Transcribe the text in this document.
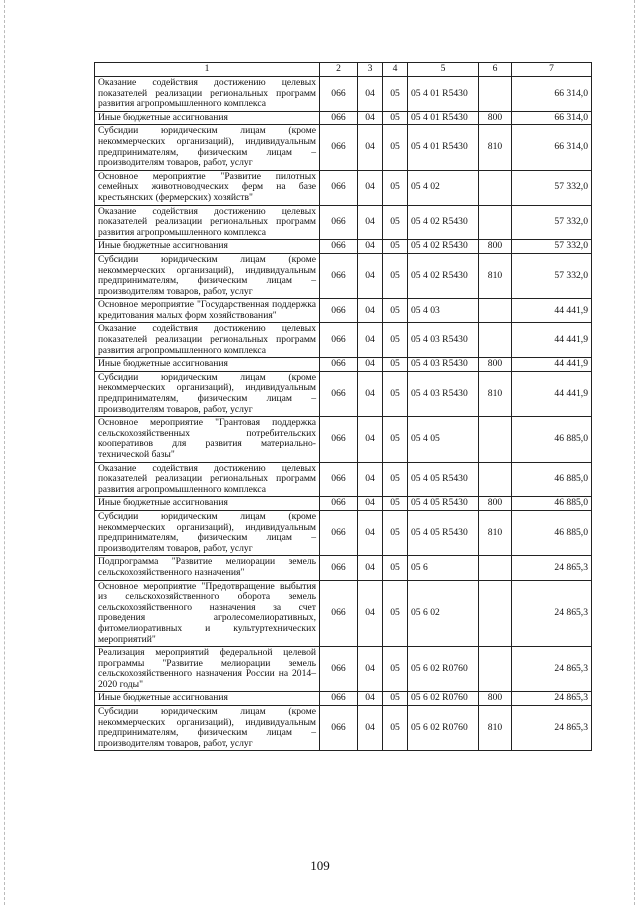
1	2	3	4	5	6	7
Оказание содействия достижению целевых показателей реализации региональных программ развития агропромышленного комплекса	066	04	05	05 4 01 R5430		66 314,0
Иные бюджетные ассигнования	066	04	05	05 4 01 R5430	800	66 314,0
Субсидии юридическим лицам (кроме некоммерческих организаций), индивидуальным предпринимателям, физическим лицам – производителям товаров, работ, услуг	066	04	05	05 4 01 R5430	810	66 314,0
Основное мероприятие "Развитие пилотных семейных животноводческих ферм на базе крестьянских (фермерских) хозяйств"	066	04	05	05 4 02		57 332,0
Оказание содействия достижению целевых показателей реализации региональных программ развития агропромышленного комплекса	066	04	05	05 4 02 R5430		57 332,0
Иные бюджетные ассигнования	066	04	05	05 4 02 R5430	800	57 332,0
Субсидии юридическим лицам (кроме некоммерческих организаций), индивидуальным предпринимателям, физическим лицам – производителям товаров, работ, услуг	066	04	05	05 4 02 R5430	810	57 332,0
Основное мероприятие "Государственная поддержка кредитования малых форм хозяйствования"	066	04	05	05 4 03		44 441,9
Оказание содействия достижению целевых показателей реализации региональных программ развития агропромышленного комплекса	066	04	05	05 4 03 R5430		44 441,9
Иные бюджетные ассигнования	066	04	05	05 4 03 R5430	800	44 441,9
Субсидии юридическим лицам (кроме некоммерческих организаций), индивидуальным предпринимателям, физическим лицам – производителям товаров, работ, услуг	066	04	05	05 4 03 R5430	810	44 441,9
Основное мероприятие "Грантовая поддержка сельскохозяйственных потребительских кооперативов для развития материально-технической базы"	066	04	05	05 4 05		46 885,0
Оказание содействия достижению целевых показателей реализации региональных программ развития агропромышленного комплекса	066	04	05	05 4 05 R5430		46 885,0
Иные бюджетные ассигнования	066	04	05	05 4 05 R5430	800	46 885,0
Субсидии юридическим лицам (кроме некоммерческих организаций), индивидуальным предпринимателям, физическим лицам – производителям товаров, работ, услуг	066	04	05	05 4 05 R5430	810	46 885,0
Подпрограмма "Развитие мелиорации земель сельскохозяйственного назначения"	066	04	05	05 6		24 865,3
Основное мероприятие "Предотвращение выбытия из сельскохозяйственного оборота земель сельскохозяйственного назначения за счет проведения агролесомелиоративных, фитомелиоративных и культуртехнических мероприятий"	066	04	05	05 6 02		24 865,3
Реализация мероприятий федеральной целевой программы "Развитие мелиорации земель сельскохозяйственного назначения России на 2014–2020 годы"	066	04	05	05 6 02 R0760		24 865,3
Иные бюджетные ассигнования	066	04	05	05 6 02 R0760	800	24 865,3
Субсидии юридическим лицам (кроме некоммерческих организаций), индивидуальным предпринимателям, физическим лицам – производителям товаров, работ, услуг	066	04	05	05 6 02 R0760	810	24 865,3
109
